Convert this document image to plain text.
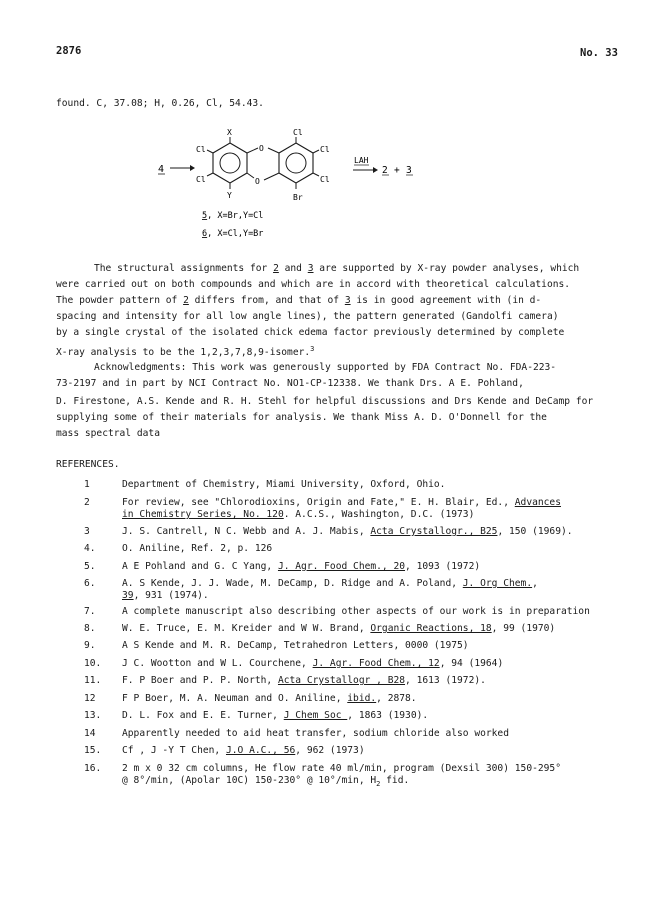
2876	No. 33
found. C, 37.08; H, 0.26, Cl, 54.43.
4
O
O
X
Y
Cl
Cl
Cl
Cl
Cl
Br
LAH
2 + 3
5, X=Br,Y=Cl
6, X=Cl,Y=Br
The structural assignments for 2 and 3 are supported by X-ray powder analyses, which
were carried out on both compounds and which are in accord with theoretical calculations.
The powder pattern of 2 differs from, and that of 3 is in good agreement with (in d-
spacing and intensity for all low angle lines), the pattern generated (Gandolfi camera)
by a single crystal of the isolated chick edema factor previously determined by complete
X-ray analysis to be the 1,2,3,7,8,9-isomer.$^3$
Acknowledgments: This work was generously supported by FDA Contract No. FDA-223-
73-2197 and in part by NCI Contract No. NO1-CP-12338. We thank Drs. A E. Pohland,
D. Firestone, A.S. Kende and R. H. Stehl for helpful discussions and Drs Kende and DeCamp for
supplying some of their materials for analysis. We thank Miss A. D. O'Donnell for the
mass spectral data
REFERENCES.
1	Department of Chemistry, Miami University, Oxford, Ohio.
2	For review, see "Chlorodioxins, Origin and Fate," E. H. Blair, Ed., Advances
in Chemistry Series, No. 120. A.C.S., Washington, D.C. (1973)
3	J. S. Cantrell, N C. Webb and A. J. Mabis, Acta Crystallogr., B25, 150 (1969).
4.	O. Aniline, Ref. 2, p. 126
5.	A E Pohland and G. C Yang, J. Agr. Food Chem., 20, 1093 (1972)
6.	A. S Kende, J. J. Wade, M. DeCamp, D. Ridge and A. Poland, J. Org Chem.,
39, 931 (1974).
7.	A complete manuscript also describing other aspects of our work is in preparation
8.	W. E. Truce, E. M. Kreider and W W. Brand, Organic Reactions, 18, 99 (1970)
9.	A S Kende and M. R. DeCamp, Tetrahedron Letters, 0000 (1975)
10.	J C. Wootton and W L. Courchene, J. Agr. Food Chem., 12, 94 (1964)
11.	F. P Boer and P. P. North, Acta Crystallogr , B28, 1613 (1972).
12	F P Boer, M. A. Neuman and O. Aniline, ibid., 2878.
13.	D. L. Fox and E. E. Turner, J Chem Soc , 1863 (1930).
14	Apparently needed to aid heat transfer, sodium chloride also worked
15.	Cf , J -Y T Chen, J.O A.C., 56, 962 (1973)
16.	2 m x 0 32 cm columns, He flow rate 40 ml/min, program (Dexsil 300) 150-295°
@ 8°/min, (Apolar 10C) 150-230° @ 10°/min, $H_2$ fid.
